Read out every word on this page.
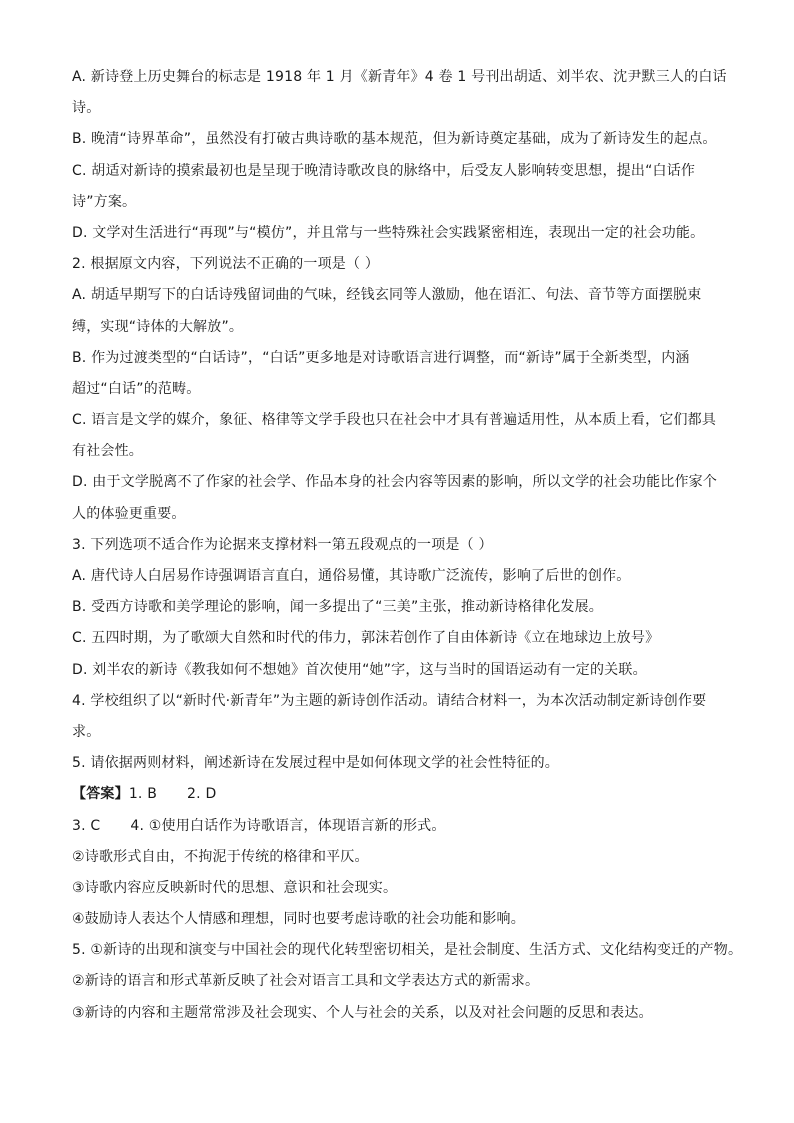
A. 新诗登上历史舞台的标志是 1918 年 1 月《新青年》4 卷 1 号刊出胡适、刘半农、沈尹默三人的白话
诗。
B. 晚清“诗界革命”，虽然没有打破古典诗歌的基本规范，但为新诗奠定基础，成为了新诗发生的起点。
C. 胡适对新诗的摸索最初也是呈现于晚清诗歌改良的脉络中，后受友人影响转变思想，提出“白话作
诗”方案。
D. 文学对生活进行“再现”与“模仿”，并且常与一些特殊社会实践紧密相连，表现出一定的社会功能。
2. 根据原文内容，下列说法不正确的一项是（ ）
A. 胡适早期写下的白话诗残留词曲的气味，经钱玄同等人激励，他在语汇、句法、音节等方面摆脱束
缚，实现“诗体的大解放”。
B. 作为过渡类型的“白话诗”，“白话”更多地是对诗歌语言进行调整，而“新诗”属于全新类型，内涵
超过“白话”的范畴。
C. 语言是文学的媒介，象征、格律等文学手段也只在社会中才具有普遍适用性，从本质上看，它们都具
有社会性。
D. 由于文学脱离不了作家的社会学、作品本身的社会内容等因素的影响，所以文学的社会功能比作家个
人的体验更重要。
3. 下列选项不适合作为论据来支撑材料一第五段观点的一项是（ ）
A. 唐代诗人白居易作诗强调语言直白，通俗易懂，其诗歌广泛流传，影响了后世的创作。
B. 受西方诗歌和美学理论的影响，闻一多提出了“三美”主张，推动新诗格律化发展。
C. 五四时期，为了歌颂大自然和时代的伟力，郭沫若创作了自由体新诗《立在地球边上放号》
D. 刘半农的新诗《教我如何不想她》首次使用“她”字，这与当时的国语运动有一定的关联。
4. 学校组织了以“新时代·新青年”为主题的新诗创作活动。请结合材料一，为本次活动制定新诗创作要
求。
5. 请依据两则材料，阐述新诗在发展过程中是如何体现文学的社会性特征的。
【答案】1. B 2. D
3. C 4. ①使用白话作为诗歌语言，体现语言新的形式。
②诗歌形式自由，不拘泥于传统的格律和平仄。
③诗歌内容应反映新时代的思想、意识和社会现实。
④鼓励诗人表达个人情感和理想，同时也要考虑诗歌的社会功能和影响。
5. ①新诗的出现和演变与中国社会的现代化转型密切相关，是社会制度、生活方式、文化结构变迁的产物。
②新诗的语言和形式革新反映了社会对语言工具和文学表达方式的新需求。
③新诗的内容和主题常常涉及社会现实、个人与社会的关系，以及对社会问题的反思和表达。
